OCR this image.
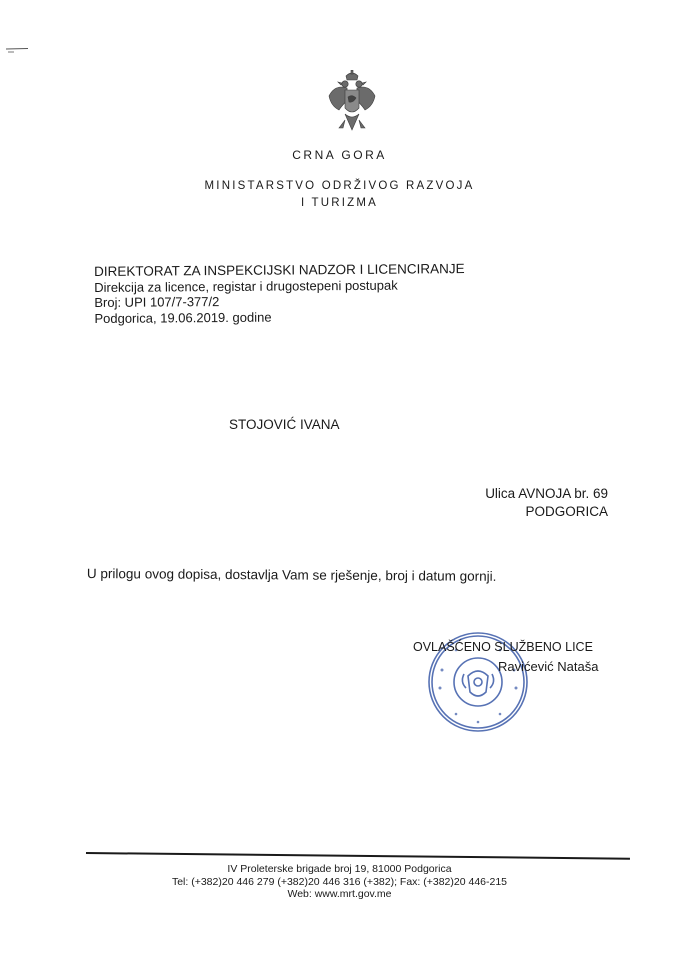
CRNA GORA
MINISTARSTVO ODRŽIVOG RAZVOJA
I TURIZMA
DIREKTORAT ZA INSPEKCIJSKI NADZOR I LICENCIRANJE
Direkcija za licence, registar i drugostepeni postupak
Broj: UPI 107/7-377/2
Podgorica, 19.06.2019. godine
STOJOVIĆ IVANA
Ulica AVNOJA br. 69
PODGORICA
U prilogu ovog dopisa, dostavlja Vam se rješenje, broj i datum gornji.
OVLAŠĆENO SLUŽBENO LICE
Ravićević Nataša
IV Proleterske brigade broj 19, 81000 Podgorica
Tel: (+382)20 446 279 (+382)20 446 316 (+382); Fax: (+382)20 446-215
Web: www.mrt.gov.me
